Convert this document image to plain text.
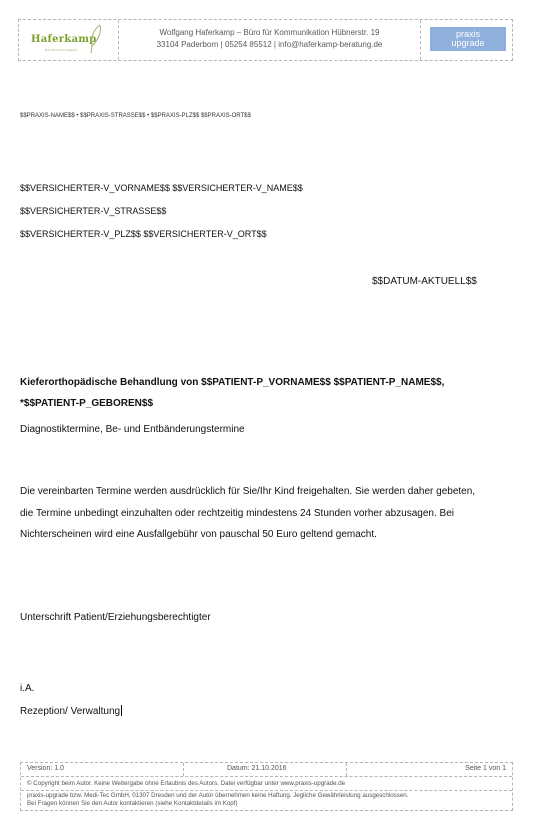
Haferkamp
Büro für Kommunikation
Wolfgang Haferkamp – Büro für Kommunikation Hübnerstr. 19
33104 Paderborn | 05254 85512 | info@haferkamp-beratung.de
praxis
upgrade
$$PRAXIS-NAME$$ • $$PRAXIS-STRASSE$$ • $$PRAXIS-PLZ$$ $$PRAXIS-ORT$$
$$VERSICHERTER-V_VORNAME$$ $$VERSICHERTER-V_NAME$$
$$VERSICHERTER-V_STRASSE$$
$$VERSICHERTER-V_PLZ$$ $$VERSICHERTER-V_ORT$$
$$DATUM-AKTUELL$$
Kieferorthopädische Behandlung von $$PATIENT-P_VORNAME$$ $$PATIENT-P_NAME$$,
*$$PATIENT-P_GEBOREN$$
Diagnostiktermine, Be- und Entbänderungstermine
Die vereinbarten Termine werden ausdrücklich für Sie/Ihr Kind freigehalten. Sie werden daher gebeten, die Termine unbedingt einzuhalten oder rechtzeitig mindestens 24 Stunden vorher abzusagen. Bei Nichterscheinen wird eine Ausfallgebühr von pauschal 50 Euro geltend gemacht.
Unterschrift Patient/Erziehungsberechtigter
i.A.
Rezeption/ Verwaltung
Version: 1.0	Datum: 21.10.2016	Seite 1 von 1
© Copyright beim Autor. Keine Weitergabe ohne Erlaubnis des Autors. Datei verfügbar unter www.praxis-upgrade.de
praxis-upgrade bzw. Medi-Tec GmbH, 01307 Dresden und der Autor übernehmen keine Haftung. Jegliche Gewährleistung ausgeschlossen.
Bei Fragen können Sie den Autor kontaktieren (siehe Kontaktdetails im Kopf)
